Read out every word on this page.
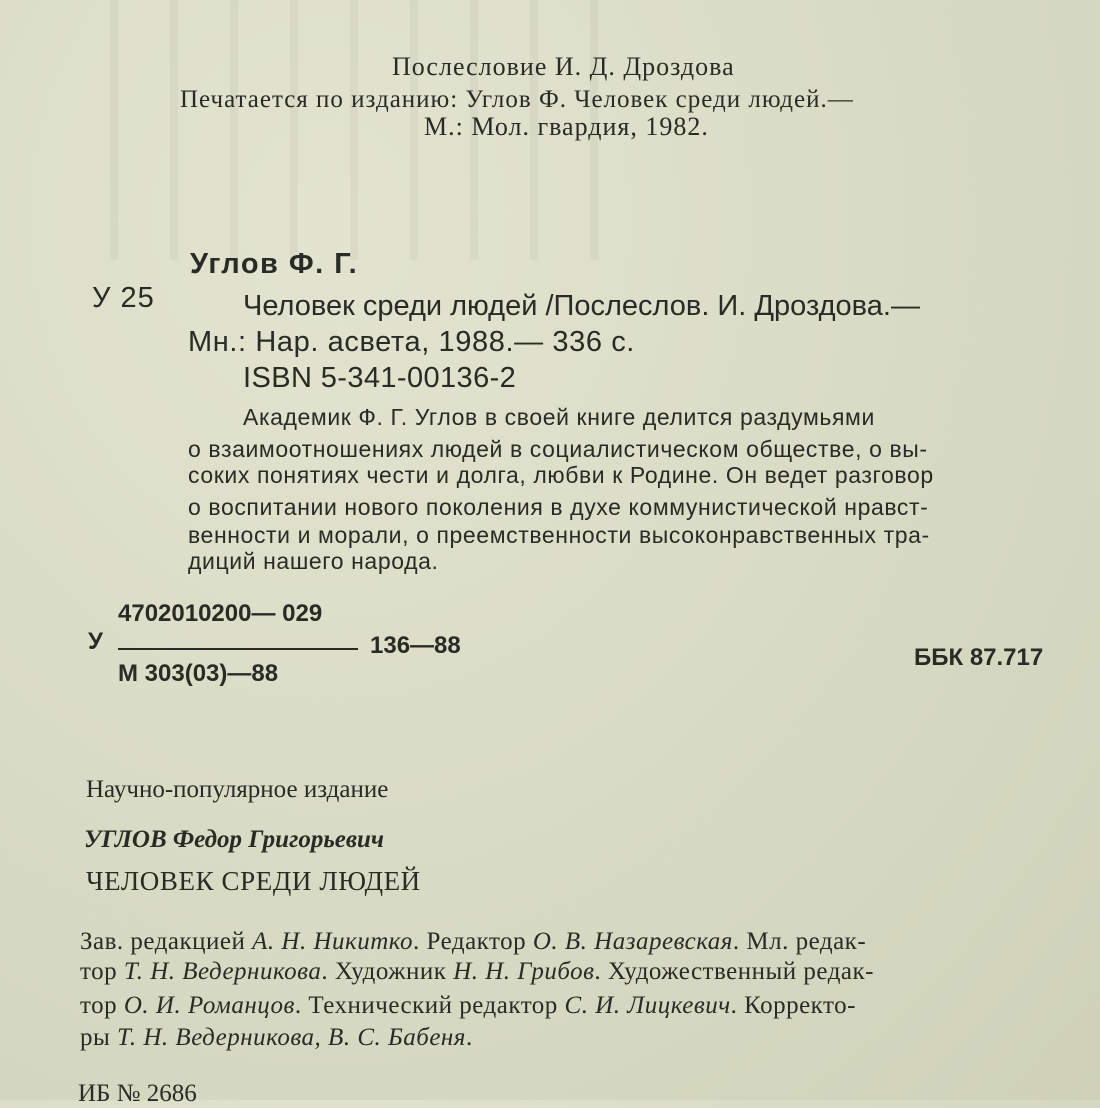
Послесловие И. Д. Дроздова

Печатается по изданию: Углов Ф. Человек среди людей.—

М.: Мол. гвардия, 1982.

Углов Ф. Г.

У 25	Человек среди людей /Послеслов. И. Дроздова.—

Мн.: Нар. асвета, 1988.— 336 с.

ISBN 5-341-00136-2

Академик Ф. Г. Углов в своей книге делится раздумьями

о взаимоотношениях людей в социалистическом обществе, о вы-

соких понятиях чести и долга, любви к Родине. Он ведет разговор

о воспитании нового поколения в духе коммунистической нравст-

венности и морали, о преемственности высоконравственных тра-

диций нашего народа.

4702010200— 029

У	136—88

М 303(03)—88

ББК 87.717

Научно-популярное издание

УГЛОВ Федор Григорьевич

ЧЕЛОВЕК СРЕДИ ЛЮДЕЙ

Зав. редакцией А. Н. Никитко. Редактор О. В. Назаревская. Мл. редак-

тор Т. Н. Ведерникова. Художник Н. Н. Грибов. Художественный редак-

тор О. И. Романцов. Технический редактор С. И. Лицкевич. Корректо-

ры Т. Н. Ведерникова, В. С. Бабеня.

ИБ № 2686
